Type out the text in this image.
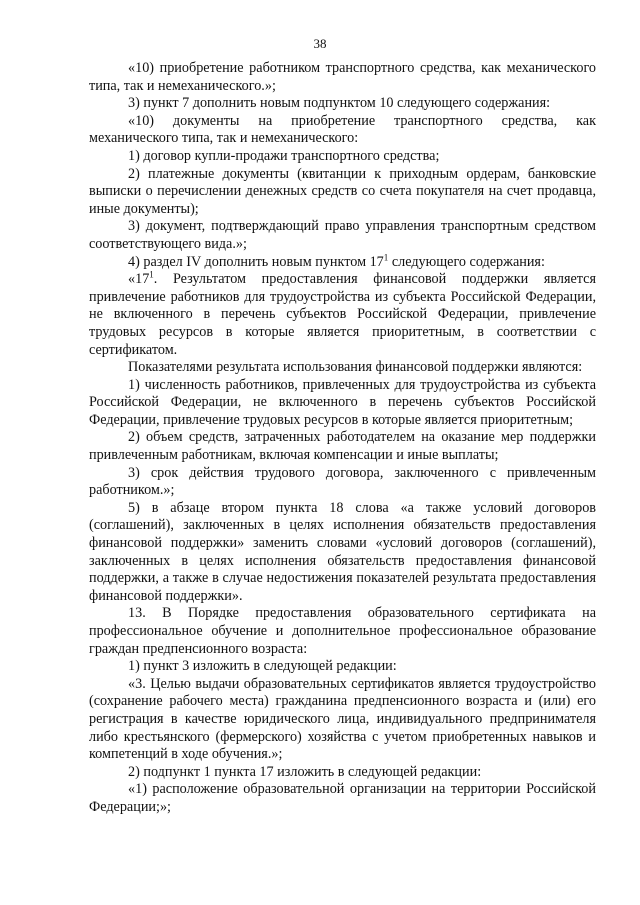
38

«10) приобретение работником транспортного средства, как механического типа, так и немеханического.»;

3) пункт 7 дополнить новым подпунктом 10 следующего содержания:

«10) документы на приобретение транспортного средства, как механического типа, так и немеханического:

1) договор купли-продажи транспортного средства;

2) платежные документы (квитанции к приходным ордерам, банковские выписки о перечислении денежных средств со счета покупателя на счет продавца, иные документы);

3) документ, подтверждающий право управления транспортным средством соответствующего вида.»;

4) раздел IV дополнить новым пунктом $17^1$ следующего содержания:

«$17^1$. Результатом предоставления финансовой поддержки является привлечение работников для трудоустройства из субъекта Российской Федерации, не включенного в перечень субъектов Российской Федерации, привлечение трудовых ресурсов в которые является приоритетным, в соответствии с сертификатом.

Показателями результата использования финансовой поддержки являются:

1) численность работников, привлеченных для трудоустройства из субъекта Российской Федерации, не включенного в перечень субъектов Российской Федерации, привлечение трудовых ресурсов в которые является приоритетным;

2) объем средств, затраченных работодателем на оказание мер поддержки привлеченным работникам, включая компенсации и иные выплаты;

3) срок действия трудового договора, заключенного с привлеченным работником.»;

5) в абзаце втором пункта 18 слова «а также условий договоров (соглашений), заключенных в целях исполнения обязательств предоставления финансовой поддержки» заменить словами «условий договоров (соглашений), заключенных в целях исполнения обязательств предоставления финансовой поддержки, а также в случае недостижения показателей результата предоставления финансовой поддержки».

13. В Порядке предоставления образовательного сертификата на профессиональное обучение и дополнительное профессиональное образование граждан предпенсионного возраста:

1) пункт 3 изложить в следующей редакции:

«3. Целью выдачи образовательных сертификатов является трудоустройство (сохранение рабочего места) гражданина предпенсионного возраста и (или) его регистрация в качестве юридического лица, индивидуального предпринимателя либо крестьянского (фермерского) хозяйства с учетом приобретенных навыков и компетенций в ходе обучения.»;

2) подпункт 1 пункта 17 изложить в следующей редакции:

«1) расположение образовательной организации на территории Российской Федерации;»;
